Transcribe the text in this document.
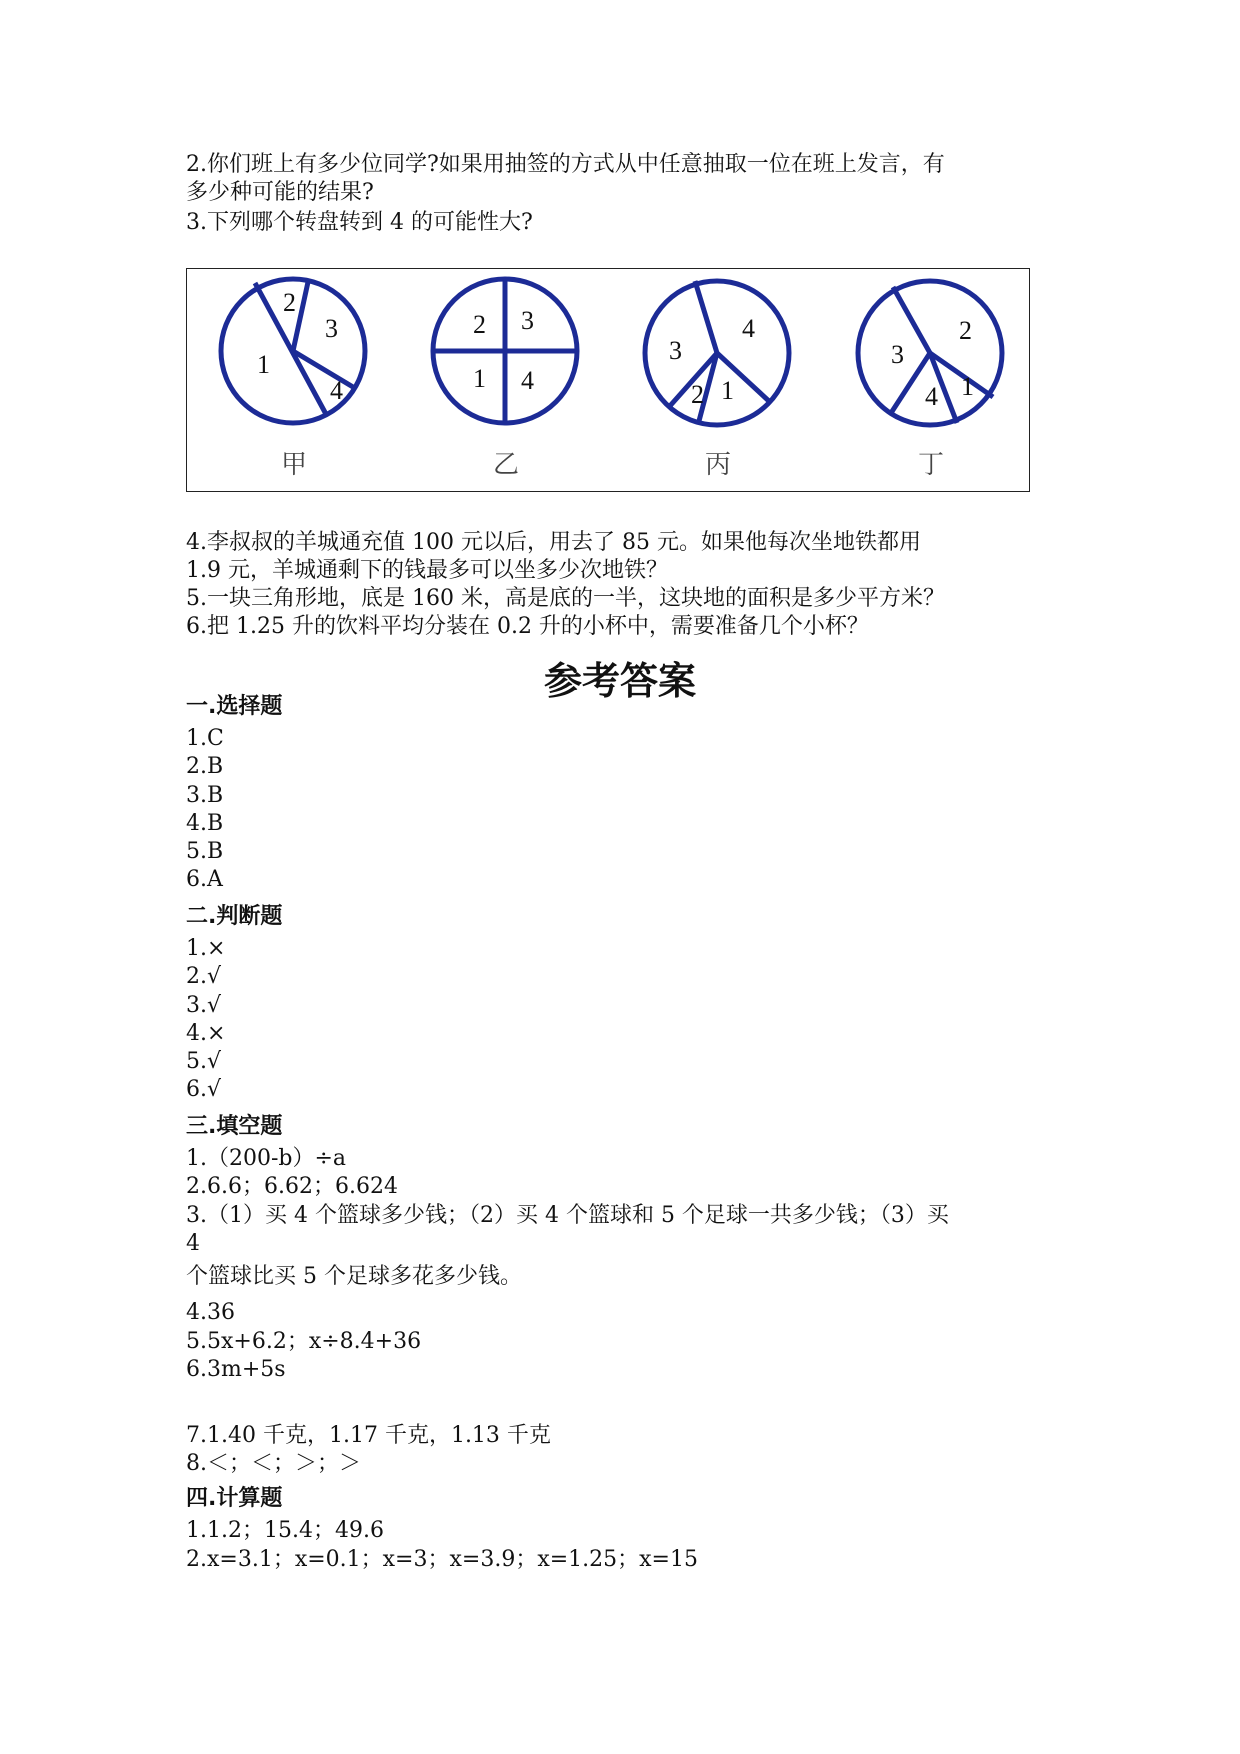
2.你们班上有多少位同学?如果用抽签的方式从中任意抽取一位在班上发言，有
多少种可能的结果?
3.下列哪个转盘转到 4 的可能性大?
2
3
1
4
甲
2 3
1 4
乙
3
4
2 1
丙
3
2
4 1
丁
4.李叔叔的羊城通充值 100 元以后，用去了 85 元。如果他每次坐地铁都用
1.9 元，羊城通剩下的钱最多可以坐多少次地铁？
5.一块三角形地，底是 160 米，高是底的一半，这块地的面积是多少平方米？
6.把 1.25 升的饮料平均分装在 0.2 升的小杯中，需要准备几个小杯？
参考答案
一.选择题
1.C
2.B
3.B
4.B
5.B
6.A
二.判断题
1.×
2.√
3.√
4.×
5.√
6.√
三.填空题
1.（200-b）÷a
2.6.6；6.62；6.624
3.（1）买 4 个篮球多少钱；（2）买 4 个篮球和 5 个足球一共多少钱；（3）买
4
个篮球比买 5 个足球多花多少钱。
4.36
5.5x+6.2；x÷8.4+36
6.3m+5s
7.1.40 千克，1.17 千克，1.13 千克
8.＜；＜；＞；＞
四.计算题
1.1.2；15.4；49.6
2.x=3.1；x=0.1；x=3；x=3.9；x=1.25；x=15
